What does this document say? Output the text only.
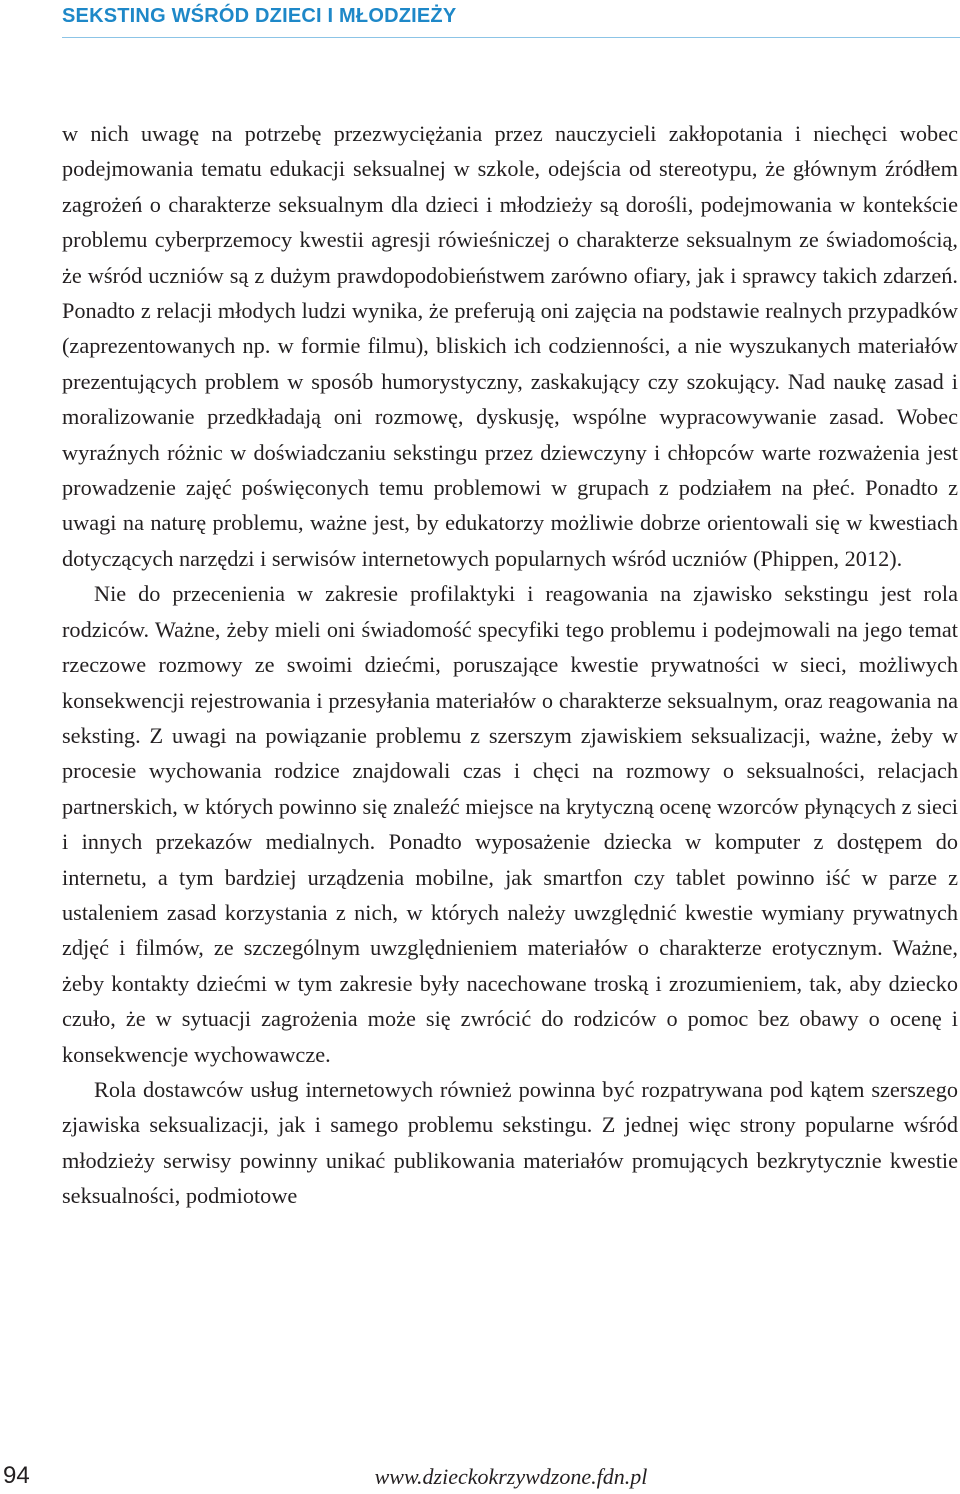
SEKSTING WŚRÓD DZIECI I MŁODZIEŻY

w nich uwagę na potrzebę przezwyciężania przez nauczycieli zakłopotania i niechęci wobec podejmowania tematu edukacji seksualnej w szkole, odejścia od stereotypu, że głównym źródłem zagrożeń o charakterze seksualnym dla dzieci i młodzieży są dorośli, podejmowania w kontekście problemu cyberprzemocy kwestii agresji rówieśniczej o charakterze seksualnym ze świadomością, że wśród uczniów są z dużym prawdopodobieństwem zarówno ofiary, jak i sprawcy takich zdarzeń. Ponadto z relacji młodych ludzi wynika, że preferują oni zajęcia na podstawie realnych przypadków (zaprezentowanych np. w formie filmu), bliskich ich codzienności, a nie wyszukanych materiałów prezentujących problem w sposób humorystyczny, zaskakujący czy szokujący. Nad naukę zasad i moralizowanie przedkładają oni rozmowę, dyskusję, wspólne wypracowywanie zasad. Wobec wyraźnych różnic w doświadczaniu sekstingu przez dziewczyny i chłopców warte rozważenia jest prowadzenie zajęć poświęconych temu problemowi w grupach z podziałem na płeć. Ponadto z uwagi na naturę problemu, ważne jest, by edukatorzy możliwie dobrze orientowali się w kwestiach dotyczących narzędzi i serwisów internetowych popularnych wśród uczniów (Phippen, 2012).

Nie do przecenienia w zakresie profilaktyki i reagowania na zjawisko sekstingu jest rola rodziców. Ważne, żeby mieli oni świadomość specyfiki tego problemu i podejmowali na jego temat rzeczowe rozmowy ze swoimi dziećmi, poruszające kwestie prywatności w sieci, możliwych konsekwencji rejestrowania i przesyłania materiałów o charakterze seksualnym, oraz reagowania na seksting. Z uwagi na powiązanie problemu z szerszym zjawiskiem seksualizacji, ważne, żeby w procesie wychowania rodzice znajdowali czas i chęci na rozmowy o seksualności, relacjach partnerskich, w których powinno się znaleźć miejsce na krytyczną ocenę wzorców płynących z sieci i innych przekazów medialnych. Ponadto wyposażenie dziecka w komputer z dostępem do internetu, a tym bardziej urządzenia mobilne, jak smartfon czy tablet powinno iść w parze z ustaleniem zasad korzystania z nich, w których należy uwzględnić kwestie wymiany prywatnych zdjęć i filmów, ze szczególnym uwzględnieniem materiałów o charakterze erotycznym. Ważne, żeby kontakty dziećmi w tym zakresie były nacechowane troską i zrozumieniem, tak, aby dziecko czuło, że w sytuacji zagrożenia może się zwrócić do rodziców o pomoc bez obawy o ocenę i konsekwencje wychowawcze.

Rola dostawców usług internetowych również powinna być rozpatrywana pod kątem szerszego zjawiska seksualizacji, jak i samego problemu sekstingu. Z jednej więc strony popularne wśród młodzieży serwisy powinny unikać publikowania materiałów promujących bezkrytycznie kwestie seksualności, podmiotowe

94	www.dzieckokrzywdzone.fdn.pl
